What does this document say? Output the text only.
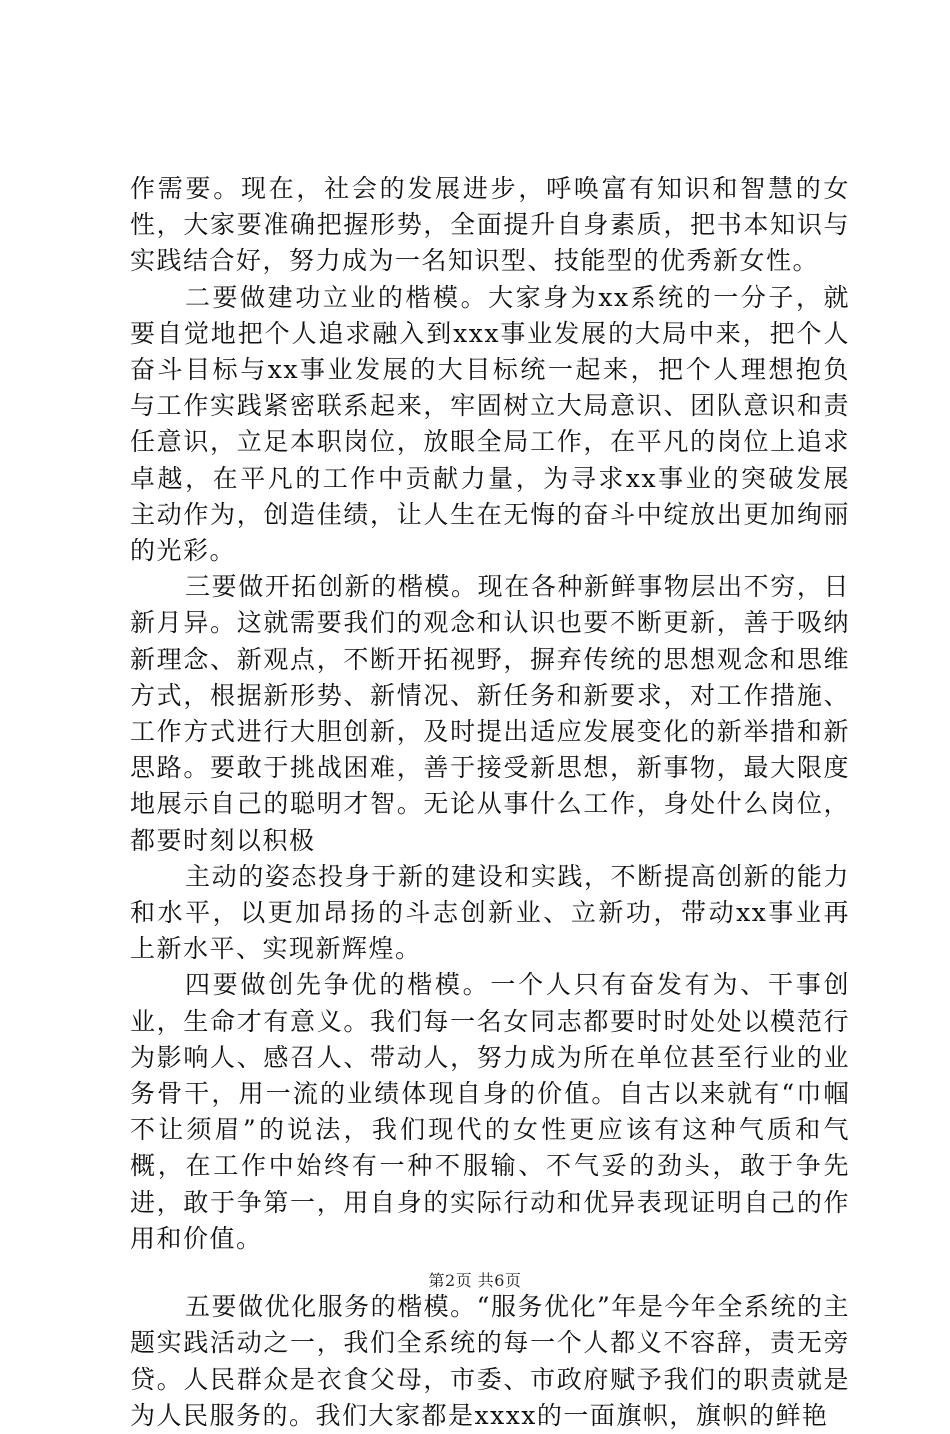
作需要。现在，社会的发展进步，呼唤富有知识和智慧的女性，大家要准确把握形势，全面提升自身素质，把书本知识与实践结合好，努力成为一名知识型、技能型的优秀新女性。

二要做建功立业的楷模。大家身为xx系统的一分子，就要自觉地把个人追求融入到xxx事业发展的大局中来，把个人奋斗目标与xx事业发展的大目标统一起来，把个人理想抱负与工作实践紧密联系起来，牢固树立大局意识、团队意识和责任意识，立足本职岗位，放眼全局工作，在平凡的岗位上追求卓越，在平凡的工作中贡献力量，为寻求xx事业的突破发展主动作为，创造佳绩，让人生在无悔的奋斗中绽放出更加绚丽的光彩。

三要做开拓创新的楷模。现在各种新鲜事物层出不穷，日新月异。这就需要我们的观念和认识也要不断更新，善于吸纳新理念、新观点，不断开拓视野，摒弃传统的思想观念和思维方式，根据新形势、新情况、新任务和新要求，对工作措施、工作方式进行大胆创新，及时提出适应发展变化的新举措和新思路。要敢于挑战困难，善于接受新思想，新事物，最大限度地展示自己的聪明才智。无论从事什么工作，身处什么岗位，都要时刻以积极

主动的姿态投身于新的建设和实践，不断提高创新的能力和水平，以更加昂扬的斗志创新业、立新功，带动xx事业再上新水平、实现新辉煌。

四要做创先争优的楷模。一个人只有奋发有为、干事创业，生命才有意义。我们每一名女同志都要时时处处以模范行为影响人、感召人、带动人，努力成为所在单位甚至行业的业务骨干，用一流的业绩体现自身的价值。自古以来就有“巾帼不让须眉”的说法，我们现代的女性更应该有这种气质和气概，在工作中始终有一种不服输、不气妥的劲头，敢于争先进，敢于争第一，用自身的实际行动和优异表现证明自己的作用和价值。

五要做优化服务的楷模。“服务优化”年是今年全系统的主题实践活动之一，我们全系统的每一个人都义不容辞，责无旁贷。人民群众是衣食父母，市委、市政府赋予我们的职责就是为人民服务的。我们大家都是xxxx的一面旗帜，旗帜的鲜艳

第2页 共6页
